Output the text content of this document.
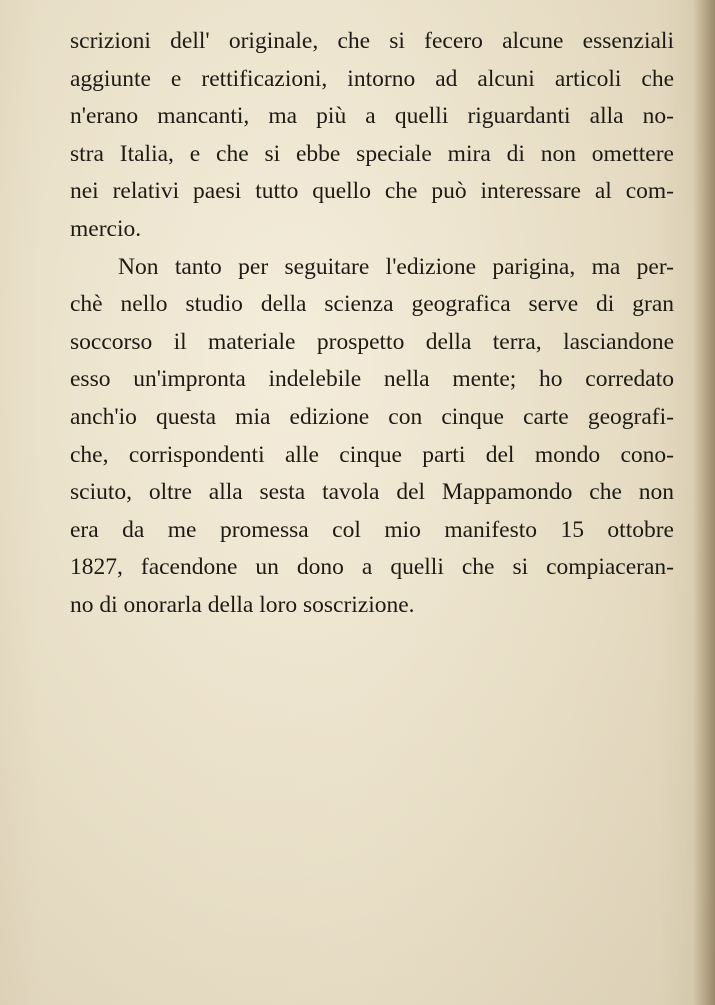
scrizioni dell' originale, che si fecero alcune essenziali
aggiunte e rettificazioni, intorno ad alcuni articoli che
n'erano mancanti, ma più a quelli riguardanti alla no-
stra Italia, e che si ebbe speciale mira di non omettere
nei relativi paesi tutto quello che può interessare al com-
mercio.

Non tanto per seguitare l'edizione parigina, ma per-
chè nello studio della scienza geografica serve di gran
soccorso il materiale prospetto della terra, lasciandone
esso un'impronta indelebile nella mente; ho corredato
anch'io questa mia edizione con cinque carte geografi-
che, corrispondenti alle cinque parti del mondo cono-
sciuto, oltre alla sesta tavola del Mappamondo che non
era da me promessa col mio manifesto 15 ottobre
1827, facendone un dono a quelli che si compiaceran-
no di onorarla della loro soscrizione.
